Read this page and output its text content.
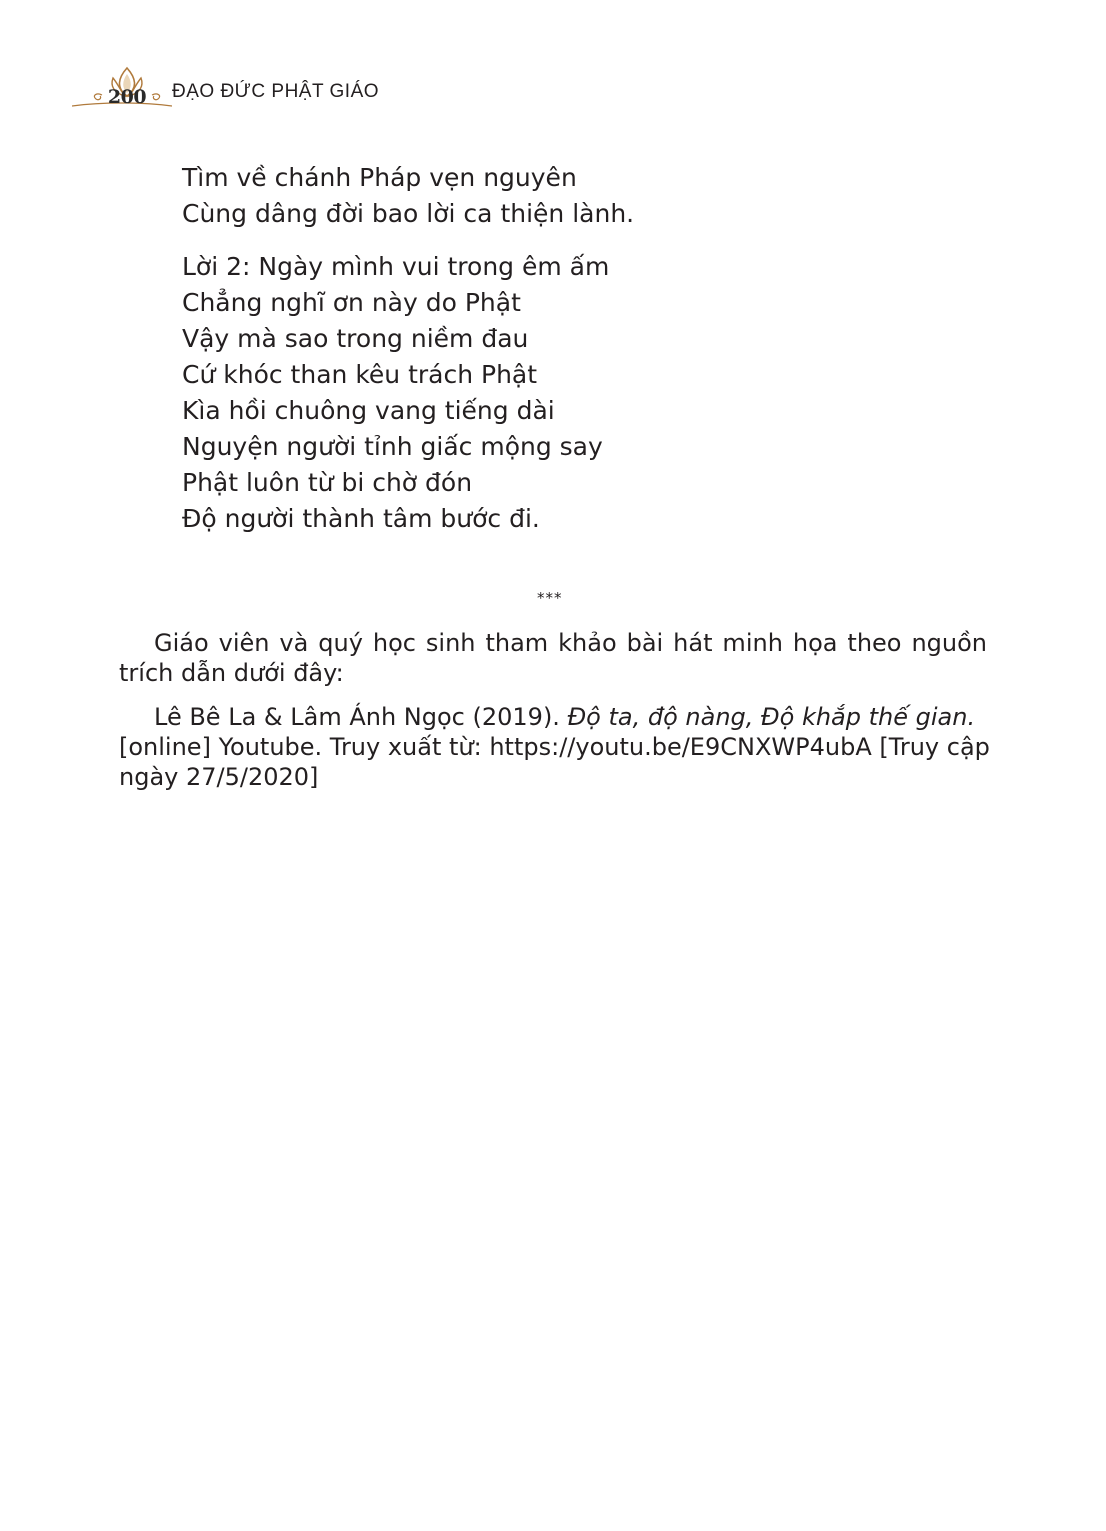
200 ĐẠO ĐỨC PHẬT GIÁO
Tìm về chánh Pháp vẹn nguyên
Cùng dâng đời bao lời ca thiện lành.
Lời 2: Ngày mình vui trong êm ấm
Chẳng nghĩ ơn này do Phật
Vậy mà sao trong niềm đau
Cứ khóc than kêu trách Phật
Kìa hồi chuông vang tiếng dài
Nguyện người tỉnh giấc mộng say
Phật luôn từ bi chờ đón
Độ người thành tâm bước đi.
***
Giáo viên và quý học sinh tham khảo bài hát minh họa theo nguồn
trích dẫn dưới đây:
Lê Bê La & Lâm Ánh Ngọc (2019). Độ ta, độ nàng, Độ khắp thế gian.
[online] Youtube. Truy xuất từ: https://youtu.be/E9CNXWP4ubA [Truy cập
ngày 27/5/2020]
